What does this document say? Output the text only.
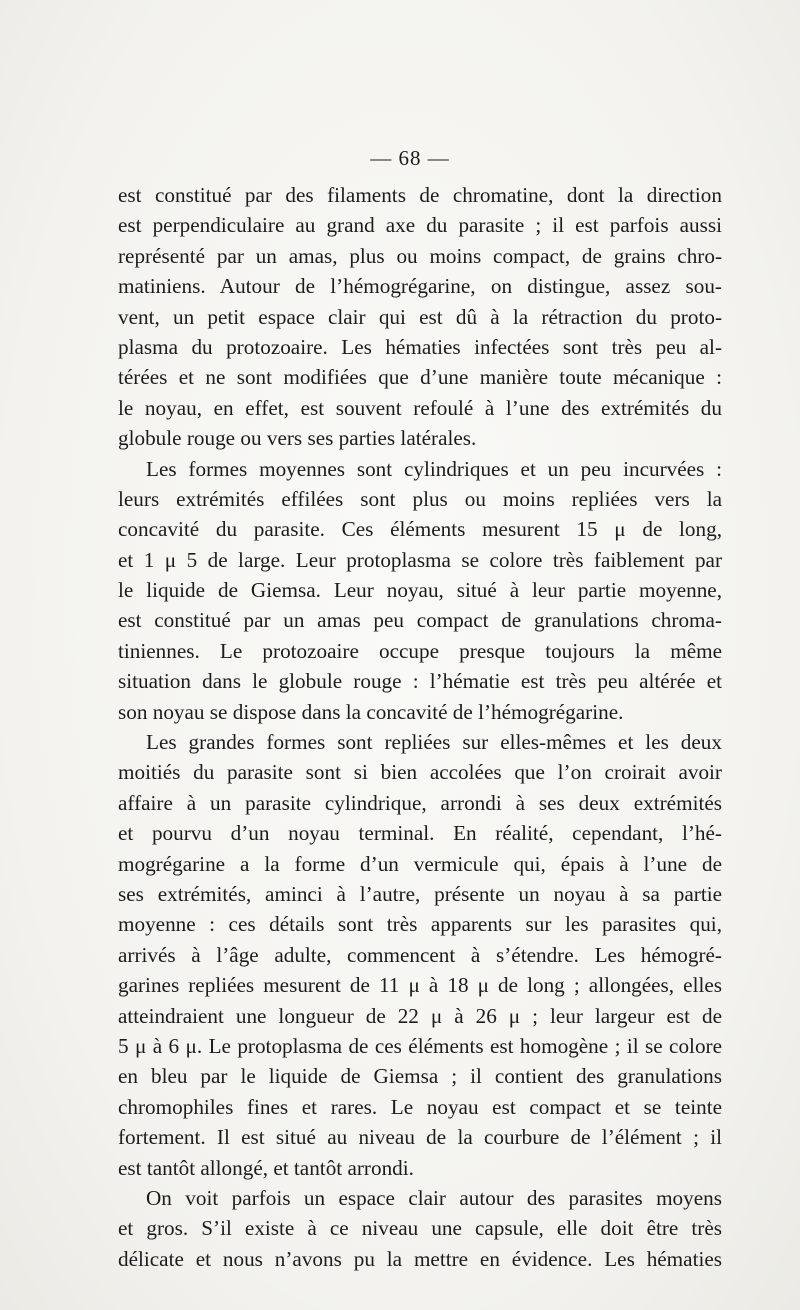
— 68 —
est constitué par des filaments de chromatine, dont la direction
est perpendiculaire au grand axe du parasite ; il est parfois aussi
représenté par un amas, plus ou moins compact, de grains chro-
matiniens. Autour de l’hémogrégarine, on distingue, assez sou-
vent, un petit espace clair qui est dû à la rétraction du proto-
plasma du protozoaire. Les hématies infectées sont très peu al-
térées et ne sont modifiées que d’une manière toute mécanique :
le noyau, en effet, est souvent refoulé à l’une des extrémités du
globule rouge ou vers ses parties latérales.
Les formes moyennes sont cylindriques et un peu incurvées :
leurs extrémités effilées sont plus ou moins repliées vers la
concavité du parasite. Ces éléments mesurent 15 μ de long,
et 1 μ 5 de large. Leur protoplasma se colore très faiblement par
le liquide de Giemsa. Leur noyau, situé à leur partie moyenne,
est constitué par un amas peu compact de granulations chroma-
tiniennes. Le protozoaire occupe presque toujours la même
situation dans le globule rouge : l’hématie est très peu altérée et
son noyau se dispose dans la concavité de l’hémogrégarine.
Les grandes formes sont repliées sur elles-mêmes et les deux
moitiés du parasite sont si bien accolées que l’on croirait avoir
affaire à un parasite cylindrique, arrondi à ses deux extrémités
et pourvu d’un noyau terminal. En réalité, cependant, l’hé-
mogrégarine a la forme d’un vermicule qui, épais à l’une de
ses extrémités, aminci à l’autre, présente un noyau à sa partie
moyenne : ces détails sont très apparents sur les parasites qui,
arrivés à l’âge adulte, commencent à s’étendre. Les hémogré-
garines repliées mesurent de 11 μ à 18 μ de long ; allongées, elles
atteindraient une longueur de 22 μ à 26 μ ; leur largeur est de
5 μ à 6 μ. Le protoplasma de ces éléments est homogène ; il se colore
en bleu par le liquide de Giemsa ; il contient des granulations
chromophiles fines et rares. Le noyau est compact et se teinte
fortement. Il est situé au niveau de la courbure de l’élément ; il
est tantôt allongé, et tantôt arrondi.
On voit parfois un espace clair autour des parasites moyens
et gros. S’il existe à ce niveau une capsule, elle doit être très
délicate et nous n’avons pu la mettre en évidence. Les hématies
